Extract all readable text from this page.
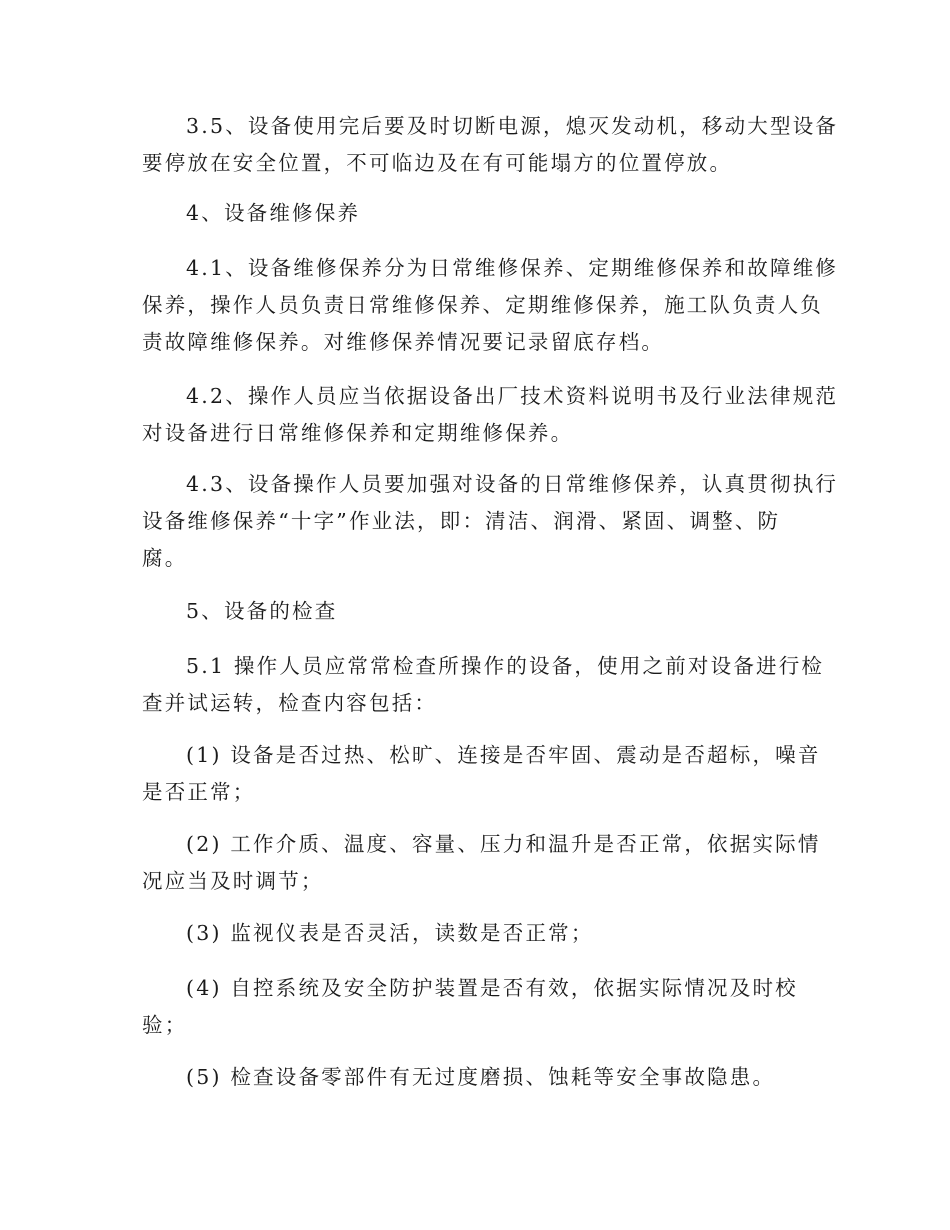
3.5、设备使用完后要及时切断电源，熄灭发动机，移动大型设备
要停放在安全位置，不可临边及在有可能塌方的位置停放。

4、设备维修保养

4.1、设备维修保养分为日常维修保养、定期维修保养和故障维修
保养，操作人员负责日常维修保养、定期维修保养，施工队负责人负
责故障维修保养。对维修保养情况要记录留底存档。

4.2、操作人员应当依据设备出厂技术资料说明书及行业法律规范
对设备进行日常维修保养和定期维修保养。

4.3、设备操作人员要加强对设备的日常维修保养，认真贯彻执行
设备维修保养“十字”作业法，即：清洁、润滑、紧固、调整、防
腐。

5、设备的检查

5.1 操作人员应常常检查所操作的设备，使用之前对设备进行检
查并试运转，检查内容包括：

(1) 设备是否过热、松旷、连接是否牢固、震动是否超标，噪音
是否正常；

(2) 工作介质、温度、容量、压力和温升是否正常，依据实际情
况应当及时调节；

(3) 监视仪表是否灵活，读数是否正常；

(4) 自控系统及安全防护装置是否有效，依据实际情况及时校
验；

(5) 检查设备零部件有无过度磨损、蚀耗等安全事故隐患。
